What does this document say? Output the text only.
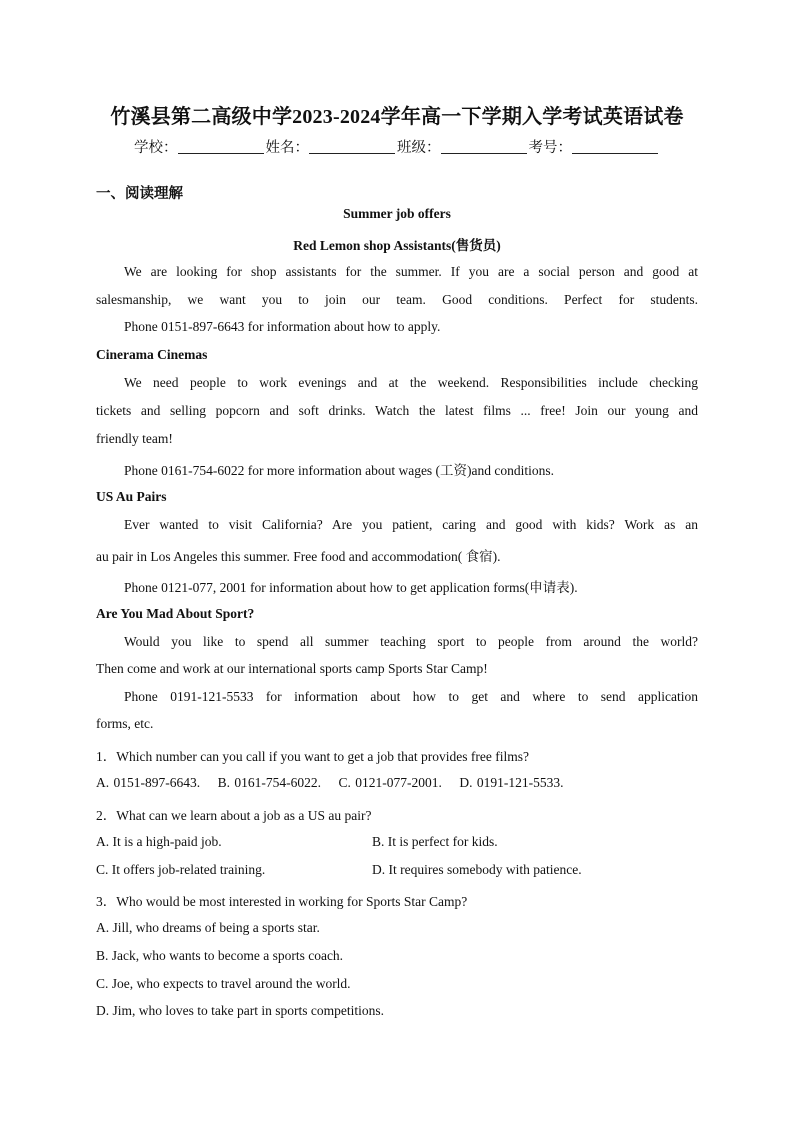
竹溪县第二高级中学2023-2024学年高一下学期入学考试英语试卷
学校：	姓名：	班级：	考号：
一、阅读理解
Summer job offers
Red Lemon shop Assistants(售货员)
We are looking for shop assistants for the summer. If you are a social person and good at
salesmanship, we want you to join our team. Good conditions. Perfect for students.
Phone 0151-897-6643 for information about how to apply.
Cinerama Cinemas
We need people to work evenings and at the weekend. Responsibilities include checking
tickets and selling popcorn and soft drinks. Watch the latest films ... free! Join our young and
friendly team!
Phone 0161-754-6022 for more information about wages (工资)and conditions.
US Au Pairs
Ever wanted to visit California? Are you patient, caring and good with kids? Work as an
au pair in Los Angeles this summer. Free food and accommodation( 食宿).
Phone 0121-077, 2001 for information about how to get application forms(申请表).
Are You Mad About Sport?
Would you like to spend all summer teaching sport to people from around the world?
Then come and work at our international sports camp Sports Star Camp!
Phone 0191-121-5533 for information about how to get and where to send application
forms, etc.
1．Which number can you call if you want to get a job that provides free films?
A. 0151-897-6643. B. 0161-754-6022. C. 0121-077-2001. D. 0191-121-5533.
2．What can we learn about a job as a US au pair?
A. It is a high-paid job.	B. It is perfect for kids.
C. It offers job-related training.	D. It requires somebody with patience.
3．Who would be most interested in working for Sports Star Camp?
A. Jill, who dreams of being a sports star.
B. Jack, who wants to become a sports coach.
C. Joe, who expects to travel around the world.
D. Jim, who loves to take part in sports competitions.
